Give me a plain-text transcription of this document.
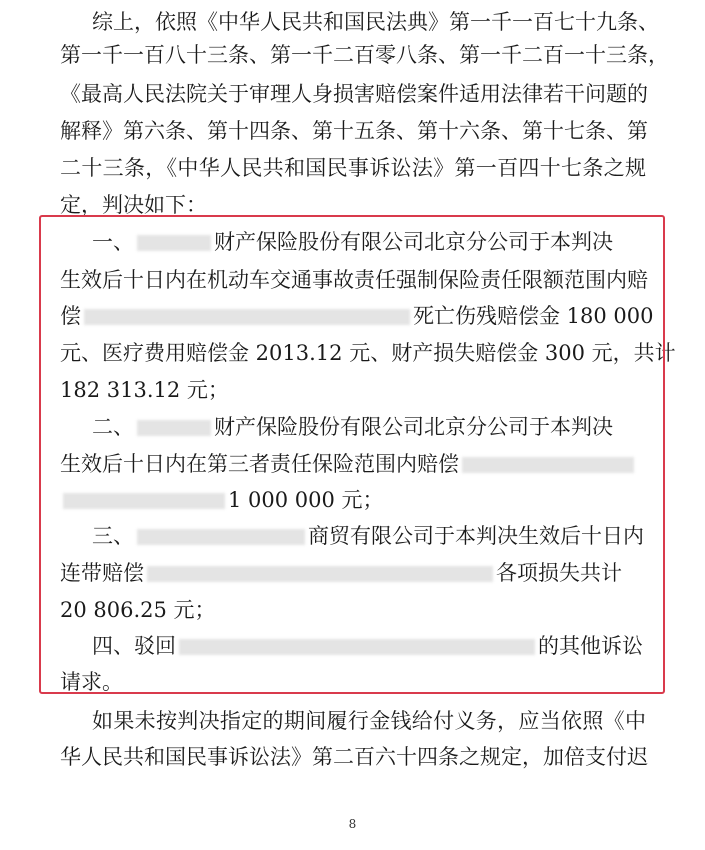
综上，依照《中华人民共和国民法典》第一千一百七十九条、
第一千一百八十三条、第一千二百零八条、第一千二百一十三条，
《最高人民法院关于审理人身损害赔偿案件适用法律若干问题的
解释》第六条、第十四条、第十五条、第十六条、第十七条、第
二十三条，《中华人民共和国民事诉讼法》第一百四十七条之规
定，判决如下：
一、	财产保险股份有限公司北京分公司于本判决
生效后十日内在机动车交通事故责任强制保险责任限额范围内赔
偿	死亡伤残赔偿金 180 000
元、医疗费用赔偿金 2013.12 元、财产损失赔偿金 300 元，共计
182 313.12 元；
二、	财产保险股份有限公司北京分公司于本判决
生效后十日内在第三者责任保险范围内赔偿
1 000 000 元；
三、	商贸有限公司于本判决生效后十日内
连带赔偿	各项损失共计
20 806.25 元；
四、驳回	的其他诉讼
请求。
如果未按判决指定的期间履行金钱给付义务，应当依照《中
华人民共和国民事诉讼法》第二百六十四条之规定，加倍支付迟
8
